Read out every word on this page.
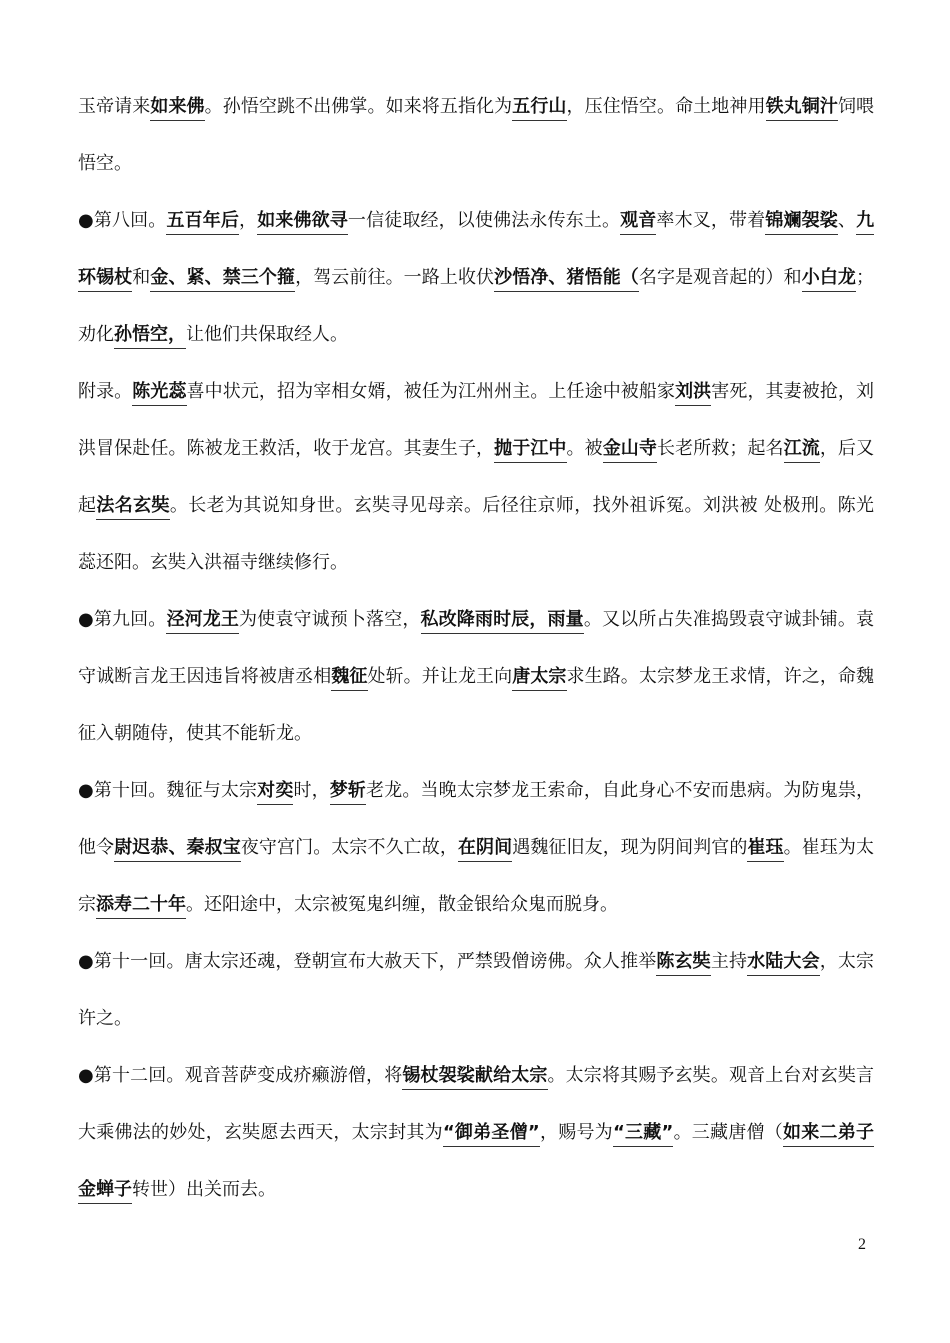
玉帝请来如来佛。孙悟空跳不出佛掌。如来将五指化为五行山，压住悟空。命土地神用铁丸铜汁饲喂悟空。

●第八回。五百年后，如来佛欲寻一信徒取经，以使佛法永传东土。观音率木叉，带着锦斓袈裟、九环锡杖和金、紧、禁三个箍，驾云前往。一路上收伏沙悟净、猪悟能（名字是观音起的）和小白龙；劝化孙悟空，让他们共保取经人。

附录。陈光蕊喜中状元，招为宰相女婿，被任为江州州主。上任途中被船家刘洪害死，其妻被抢，刘洪冒保赴任。陈被龙王救活，收于龙宫。其妻生子，抛于江中。被金山寺长老所救；起名江流，后又起法名玄奘。长老为其说知身世。玄奘寻见母亲。后径往京师，找外祖诉冤。刘洪被 处极刑。陈光蕊还阳。玄奘入洪福寺继续修行。

●第九回。泾河龙王为使袁守诚预卜落空，私改降雨时辰，雨量。又以所占失准捣毁袁守诚卦铺。袁守诚断言龙王因违旨将被唐丞相魏征处斩。并让龙王向唐太宗求生路。太宗梦龙王求情，许之，命魏征入朝随侍，使其不能斩龙。

●第十回。魏征与太宗对奕时，梦斩老龙。当晚太宗梦龙王索命，自此身心不安而患病。为防鬼祟，他令尉迟恭、秦叔宝夜守宫门。太宗不久亡故，在阴间遇魏征旧友，现为阴间判官的崔珏。崔珏为太宗添寿二十年。还阳途中，太宗被冤鬼纠缠，散金银给众鬼而脱身。

●第十一回。唐太宗还魂，登朝宣布大赦天下，严禁毁僧谤佛。众人推举陈玄奘主持水陆大会，太宗许之。

●第十二回。观音菩萨变成疥癞游僧，将锡杖袈裟献给太宗。太宗将其赐予玄奘。观音上台对玄奘言大乘佛法的妙处，玄奘愿去西天，太宗封其为“御弟圣僧”，赐号为“三藏”。三藏唐僧（如来二弟子金蝉子转世）出关而去。

2
